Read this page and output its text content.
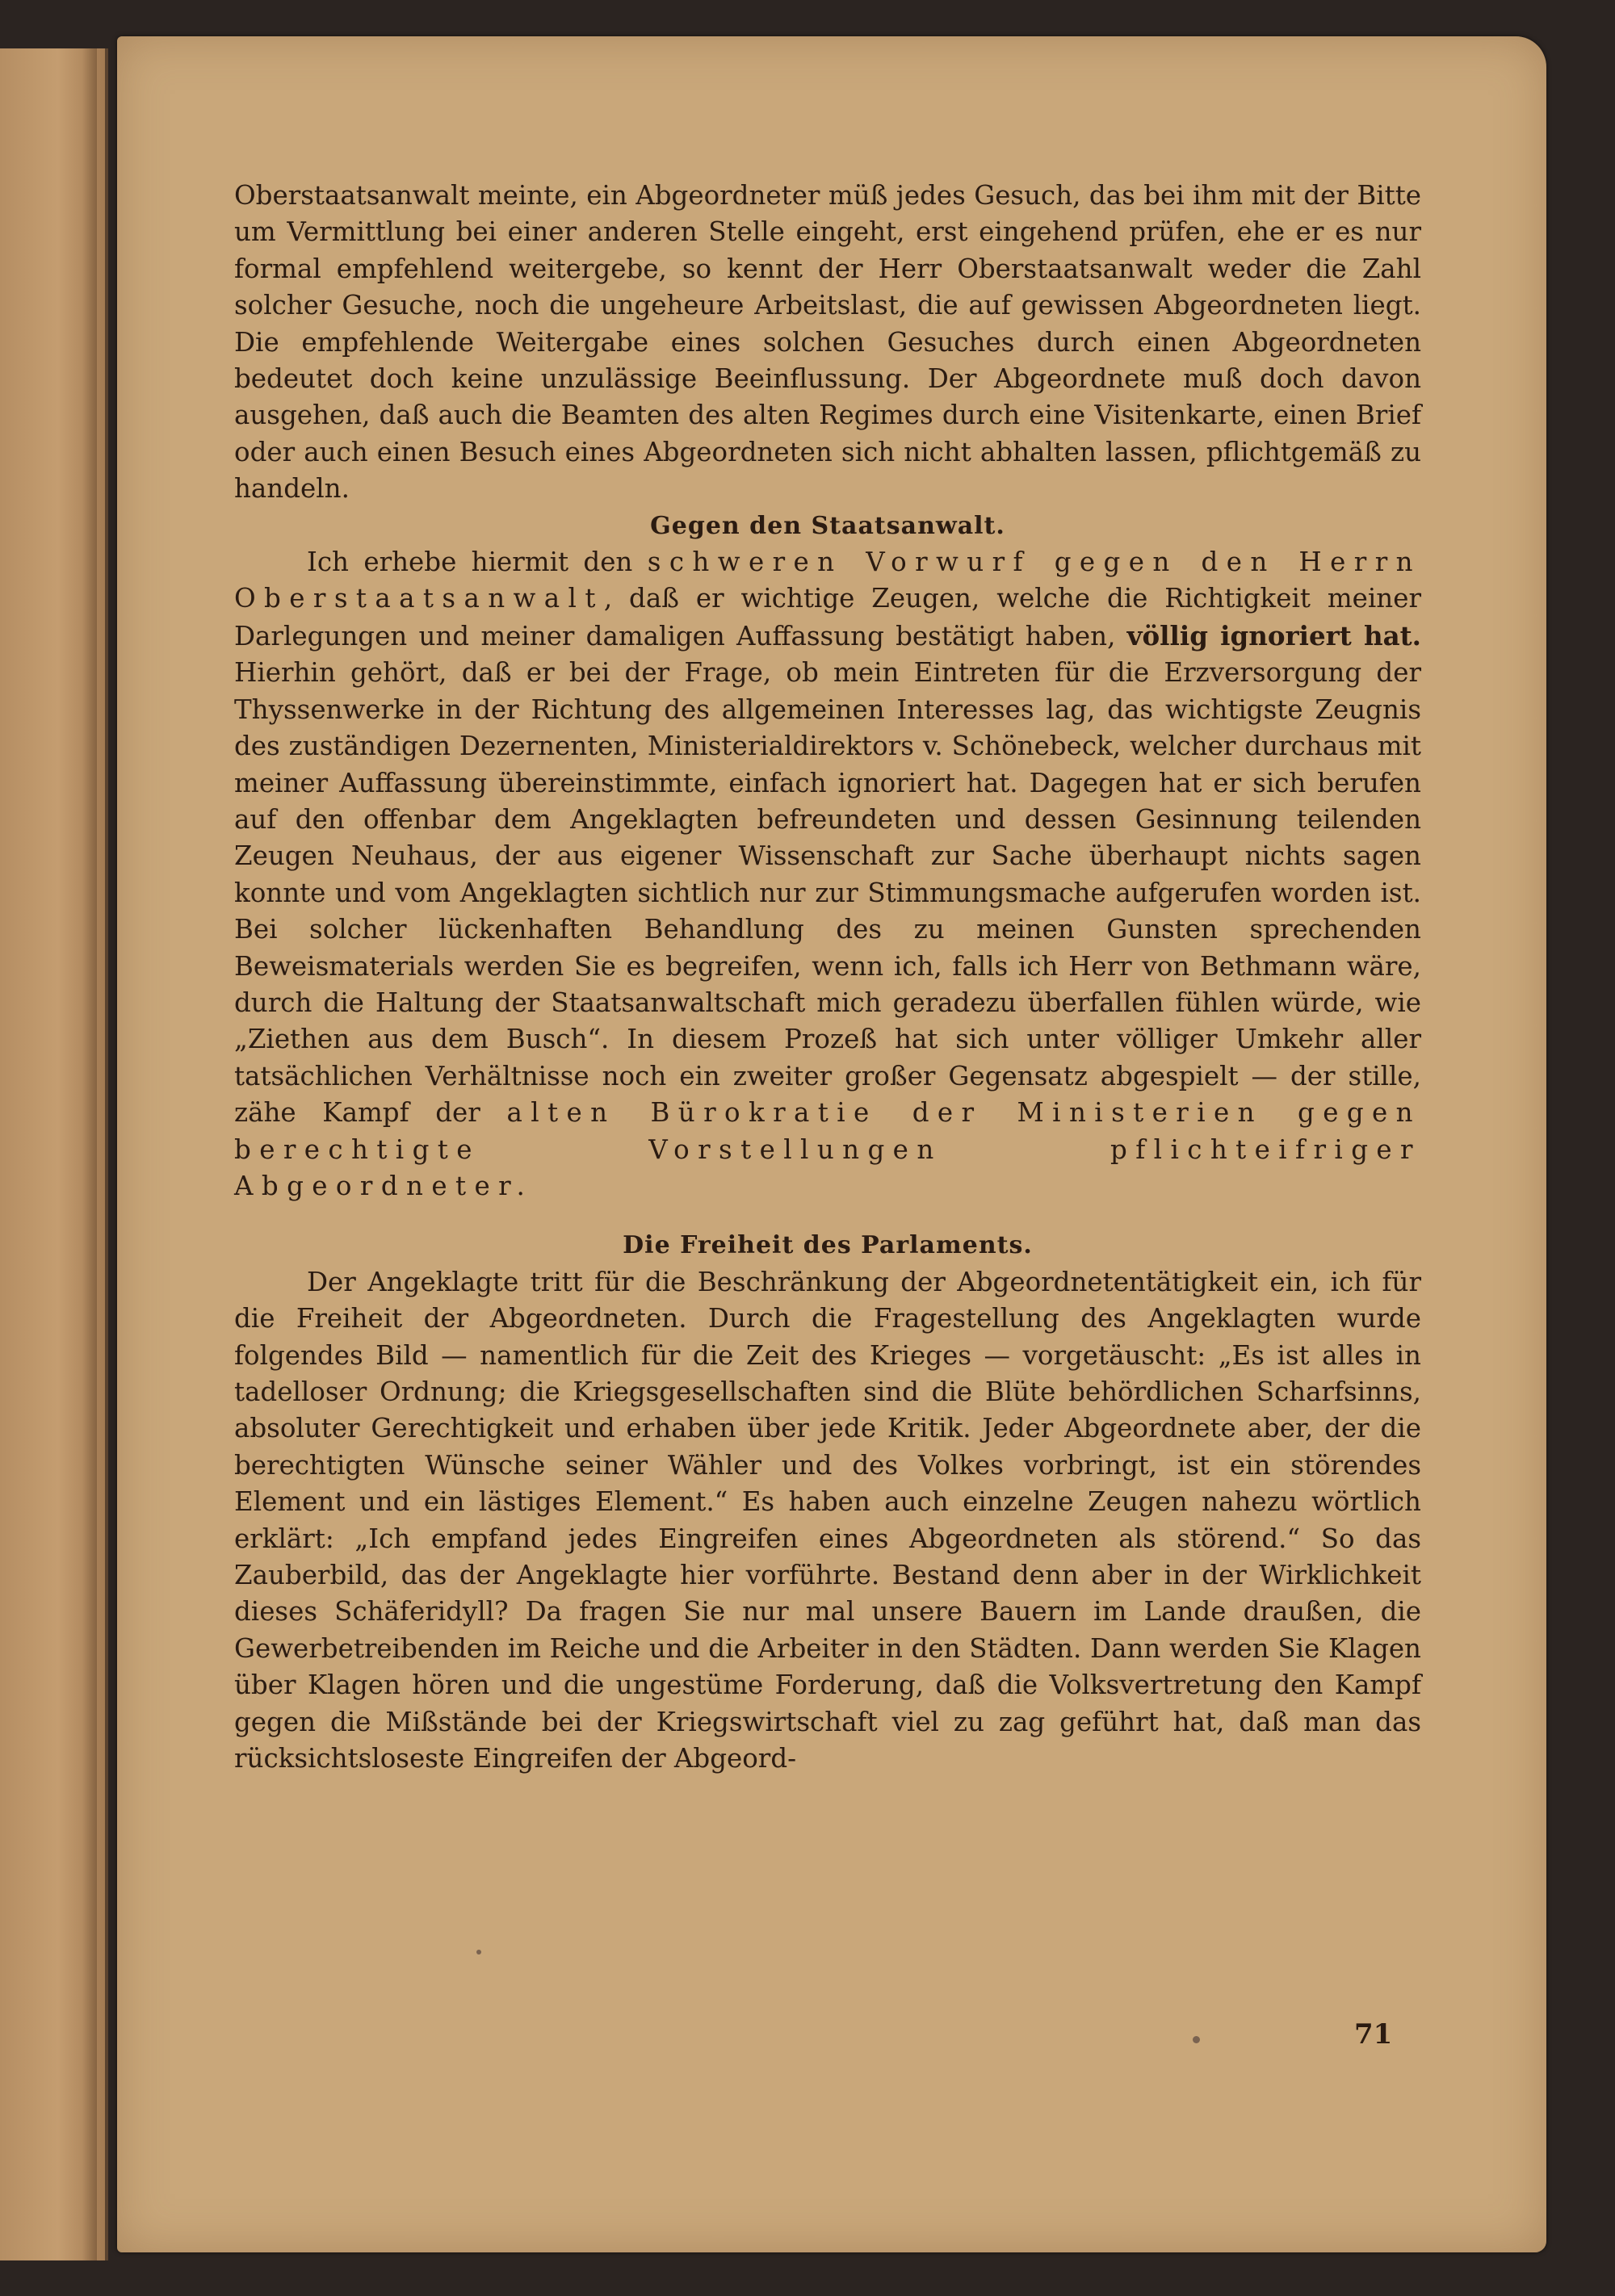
Oberstaatsanwalt meinte, ein Abgeordneter müß jedes Gesuch, das bei ihm mit der Bitte um Vermittlung bei einer anderen Stelle eingeht, erst eingehend prüfen, ehe er es nur formal empfehlend weitergebe, so kennt der Herr Oberstaatsanwalt weder die Zahl solcher Gesuche, noch die ungeheure Arbeitslast, die auf gewissen Abgeordneten liegt. Die empfehlende Weitergabe eines solchen Gesuches durch einen Abgeordneten bedeutet doch keine unzulässige Beeinflussung. Der Abgeordnete muß doch davon ausgehen, daß auch die Beamten des alten Regimes durch eine Visitenkarte, einen Brief oder auch einen Besuch eines Abgeordneten sich nicht abhalten lassen, pflichtgemäß zu handeln.

Gegen den Staatsanwalt.

Ich erhebe hiermit den schweren Vorwurf gegen den Herrn Oberstaatsanwalt, daß er wichtige Zeugen, welche die Richtigkeit meiner Darlegungen und meiner damaligen Auffassung bestätigt haben, völlig ignoriert hat. Hierhin gehört, daß er bei der Frage, ob mein Eintreten für die Erzversorgung der Thyssenwerke in der Richtung des allgemeinen Interesses lag, das wichtigste Zeugnis des zuständigen Dezernenten, Ministerialdirektors v. Schönebeck, welcher durchaus mit meiner Auffassung übereinstimmte, einfach ignoriert hat. Dagegen hat er sich berufen auf den offenbar dem Angeklagten befreundeten und dessen Gesinnung teilenden Zeugen Neuhaus, der aus eigener Wissenschaft zur Sache überhaupt nichts sagen konnte und vom Angeklagten sichtlich nur zur Stimmungsmache aufgerufen worden ist. Bei solcher lückenhaften Behandlung des zu meinen Gunsten sprechenden Beweismaterials werden Sie es begreifen, wenn ich, falls ich Herr von Bethmann wäre, durch die Haltung der Staatsanwaltschaft mich geradezu überfallen fühlen würde, wie „Ziethen aus dem Busch“. In diesem Prozeß hat sich unter völliger Umkehr aller tatsächlichen Verhältnisse noch ein zweiter großer Gegensatz abgespielt — der stille, zähe Kampf der alten Bürokratie der Ministerien gegen berechtigte Vorstellungen pflichteifriger Abgeordneter.

Die Freiheit des Parlaments.

Der Angeklagte tritt für die Beschränkung der Abgeordnetentätigkeit ein, ich für die Freiheit der Abgeordneten. Durch die Fragestellung des Angeklagten wurde folgendes Bild — namentlich für die Zeit des Krieges — vorgetäuscht: „Es ist alles in tadelloser Ordnung; die Kriegsgesellschaften sind die Blüte behördlichen Scharfsinns, absoluter Gerechtigkeit und erhaben über jede Kritik. Jeder Abgeordnete aber, der die berechtigten Wünsche seiner Wähler und des Volkes vorbringt, ist ein störendes Element und ein lästiges Element.“ Es haben auch einzelne Zeugen nahezu wörtlich erklärt: „Ich empfand jedes Eingreifen eines Abgeordneten als störend.“ So das Zauberbild, das der Angeklagte hier vorführte. Bestand denn aber in der Wirklichkeit dieses Schäferidyll? Da fragen Sie nur mal unsere Bauern im Lande draußen, die Gewerbetreibenden im Reiche und die Arbeiter in den Städten. Dann werden Sie Klagen über Klagen hören und die ungestüme Forderung, daß die Volksvertretung den Kampf gegen die Mißstände bei der Kriegswirtschaft viel zu zag geführt hat, daß man das rücksichtsloseste Eingreifen der Abgeord-

71
